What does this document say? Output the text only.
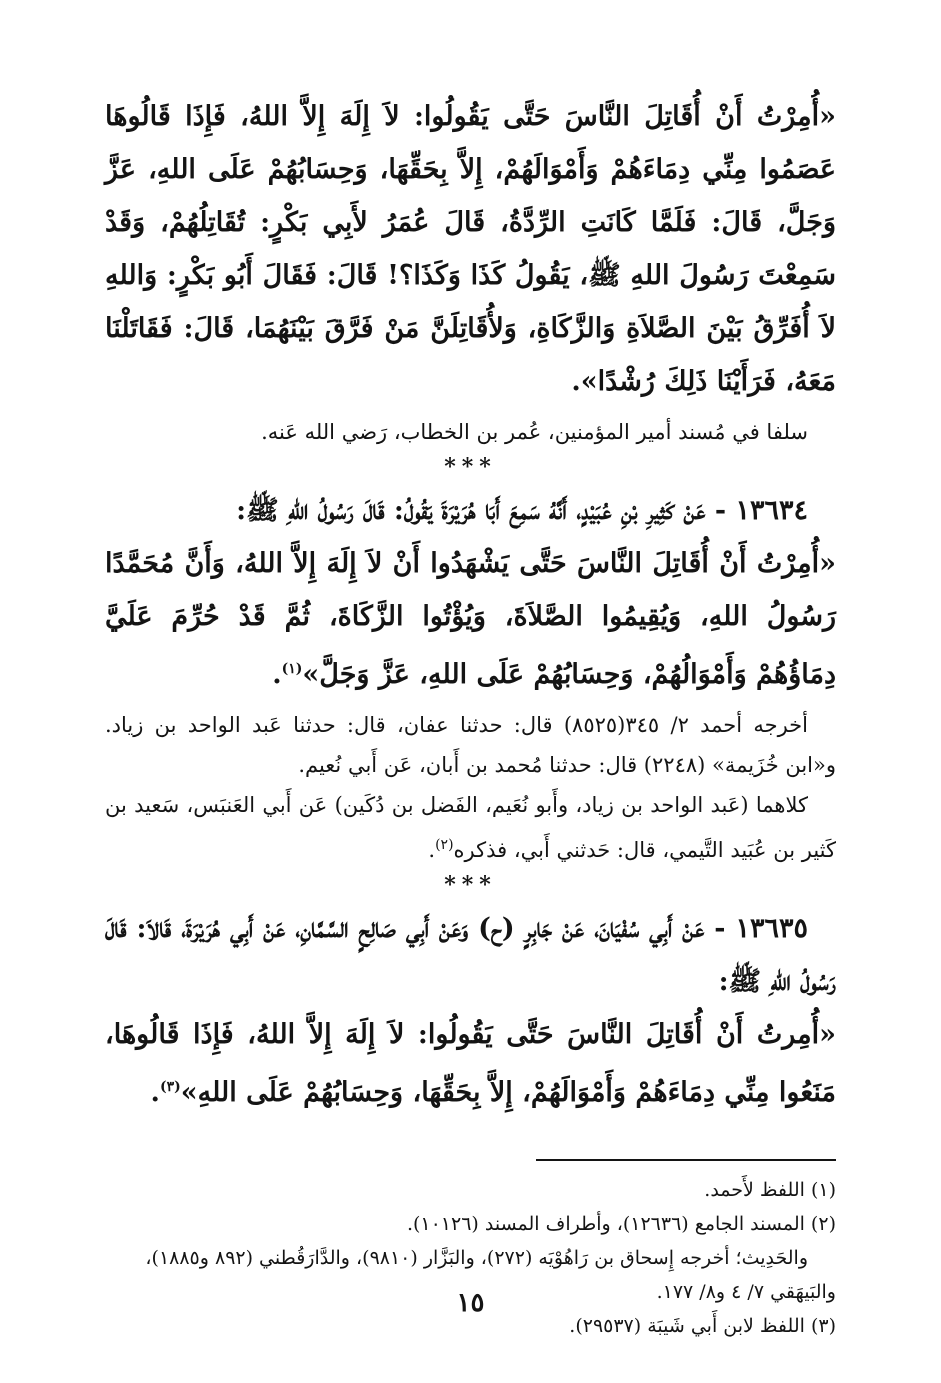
«أُمِرْتُ أَنْ أُقَاتِلَ النَّاسَ حَتَّى يَقُولُوا: لاَ إِلَهَ إِلاَّ اللهُ، فَإِذَا قَالُوهَا عَصَمُوا مِنِّي دِمَاءَهُمْ وَأَمْوَالَهُمْ، إِلاَّ بِحَقِّهَا، وَحِسَابُهُمْ عَلَى اللهِ، عَزَّ وَجَلَّ، قَالَ: فَلَمَّا كَانَتِ الرِّدَّةُ، قَالَ عُمَرُ لأَبِي بَكْرٍ: تُقَاتِلُهُمْ، وَقَدْ سَمِعْتَ رَسُولَ اللهِ ﷺ، يَقُولُ كَذَا وَكَذَا؟! قَالَ: فَقَالَ أَبُو بَكْرٍ: وَاللهِ لاَ أُفَرِّقُ بَيْنَ الصَّلاَةِ وَالزَّكَاةِ، وَلأُقَاتِلَنَّ مَنْ فَرَّقَ بَيْنَهُمَا، قَالَ: فَقَاتَلْنَا مَعَهُ، فَرَأَيْنَا ذَلِكَ رُشْدًا».

سلفا في مُسند أمير المؤمنين، عُمر بن الخطاب، رَضي الله عَنه.

***

١٣٦٣٤ - عَنْ كَثِيرِ بْنِ عُبَيْدٍ، أَنَّهُ سَمِعَ أَبَا هُرَيْرَةَ يَقُولُ: قَالَ رَسُولُ اللهِ ﷺ:

«أُمِرْتُ أَنْ أُقَاتِلَ النَّاسَ حَتَّى يَشْهَدُوا أَنْ لاَ إِلَهَ إِلاَّ اللهُ، وَأَنَّ مُحَمَّدًا رَسُولُ اللهِ، وَيُقِيمُوا الصَّلاَةَ، وَيُؤْتُوا الزَّكَاةَ، ثُمَّ قَدْ حُرِّمَ عَلَيَّ دِمَاؤُهُمْ وَأَمْوَالُهُمْ، وَحِسَابُهُمْ عَلَى اللهِ، عَزَّ وَجَلَّ»$^{(١)}$.

أخرجه أحمد ٢/ ٣٤٥(٨٥٢٥) قال: حدثنا عفان، قال: حدثنا عَبد الواحد بن زياد. و«ابن خُزَيمة» (٢٢٤٨) قال: حدثنا مُحمد بن أَبان، عَن أَبي نُعيم.

كلاهما (عَبد الواحد بن زياد، وأَبو نُعَيم، الفَضل بن دُكَين) عَن أَبي العَنبَس، سَعيد بن كَثير بن عُبَيد التَّيمي، قال: حَدثني أَبي، فذكره$^{(٢)}$.

***

١٣٦٣٥ - عَنْ أَبِي سُفْيَانَ، عَنْ جَابِرٍ (ح) وَعَنْ أَبِي صَالِحٍ السَّمَّانِ، عَنْ أَبِي هُرَيْرَةَ، قَالاَ: قَالَ رَسُولُ اللهِ ﷺ:

«أُمِرتُ أَنْ أُقَاتِلَ النَّاسَ حَتَّى يَقُولُوا: لاَ إِلَهَ إِلاَّ اللهُ، فَإِذَا قَالُوهَا، مَنَعُوا مِنِّي دِمَاءَهُمْ وَأَمْوَالَهُمْ، إِلاَّ بِحَقِّهَا، وَحِسَابُهُمْ عَلَى اللهِ»$^{(٣)}$.

(١) اللفظ لأَحمد.

(٢) المسند الجامع (١٢٦٣٦)، وأطراف المسند (١٠١٢٦).

والحَدِيث؛ أخرجه إِسحاق بن رَاهُوْيَه (٢٧٢)، والبَزَّار (٩٨١٠)، والدَّارَقُطني (٨٩٢ و١٨٨٥)، والبَيهَقي ٧/ ٤ و٨/ ١٧٧.

(٣) اللفظ لابن أَبي شَيبَة (٢٩٥٣٧).

١٥
